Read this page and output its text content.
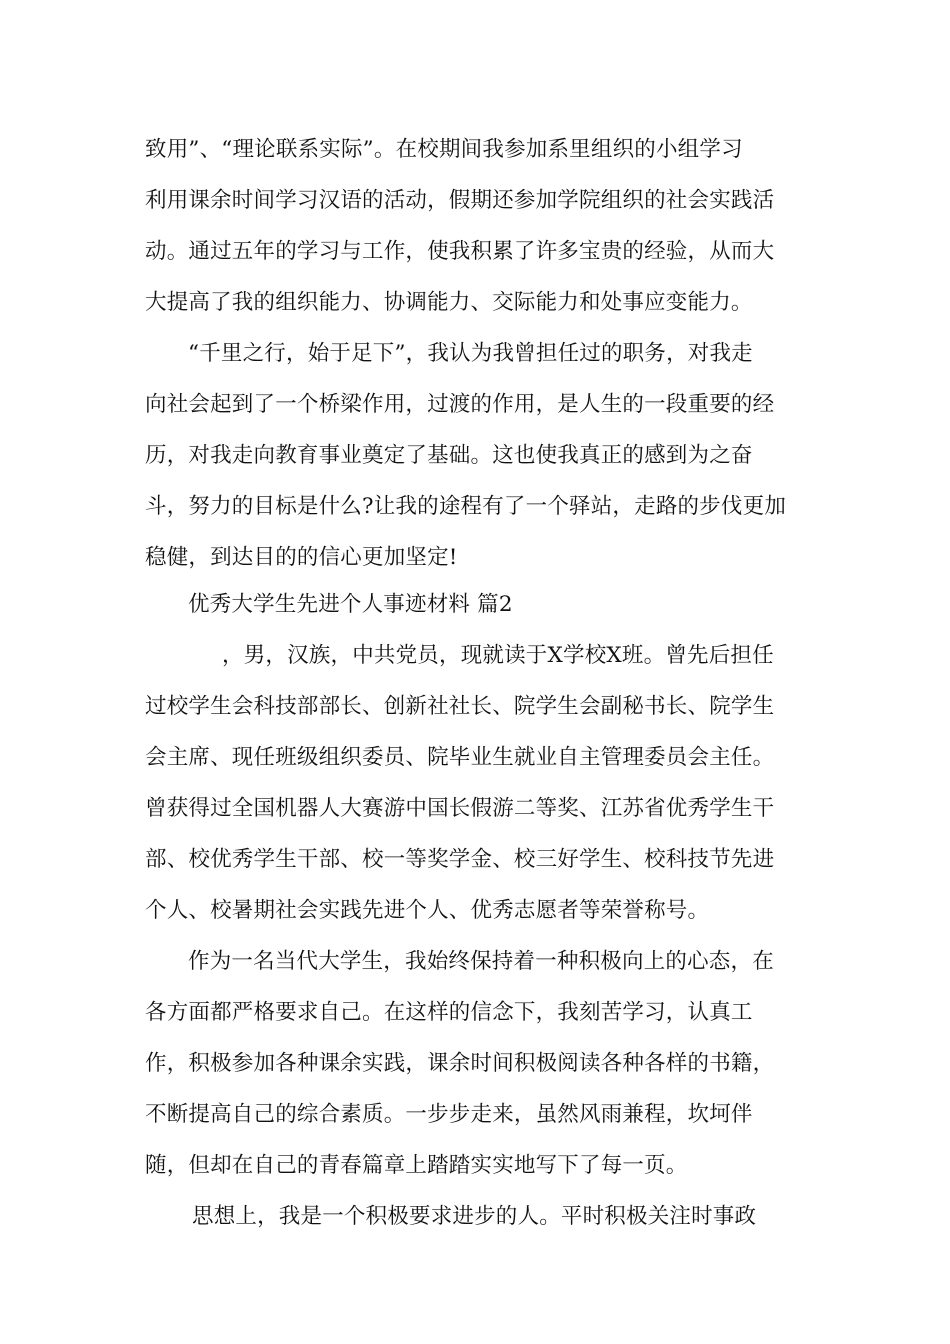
致用”、“理论联系实际”。在校期间我参加系里组织的小组学习
利用课余时间学习汉语的活动，假期还参加学院组织的社会实践活
动。通过五年的学习与工作，使我积累了许多宝贵的经验，从而大
大提高了我的组织能力、协调能力、交际能力和处事应变能力。
“千里之行，始于足下”，我认为我曾担任过的职务，对我走
向社会起到了一个桥梁作用，过渡的作用，是人生的一段重要的经
历，对我走向教育事业奠定了基础。这也使我真正的感到为之奋
斗，努力的目标是什么?让我的途程有了一个驿站，走路的步伐更加
稳健，到达目的的信心更加坚定!
优秀大学生先进个人事迹材料 篇2
，男，汉族，中共党员，现就读于X学校X班。曾先后担任
过校学生会科技部部长、创新社社长、院学生会副秘书长、院学生
会主席、现任班级组织委员、院毕业生就业自主管理委员会主任。
曾获得过全国机器人大赛游中国长假游二等奖、江苏省优秀学生干
部、校优秀学生干部、校一等奖学金、校三好学生、校科技节先进
个人、校暑期社会实践先进个人、优秀志愿者等荣誉称号。
作为一名当代大学生，我始终保持着一种积极向上的心态，在
各方面都严格要求自己。在这样的信念下，我刻苦学习，认真工
作，积极参加各种课余实践，课余时间积极阅读各种各样的书籍，
不断提高自己的综合素质。一步步走来，虽然风雨兼程，坎坷伴
随，但却在自己的青春篇章上踏踏实实地写下了每一页。
思想上，我是一个积极要求进步的人。平时积极关注时事政
